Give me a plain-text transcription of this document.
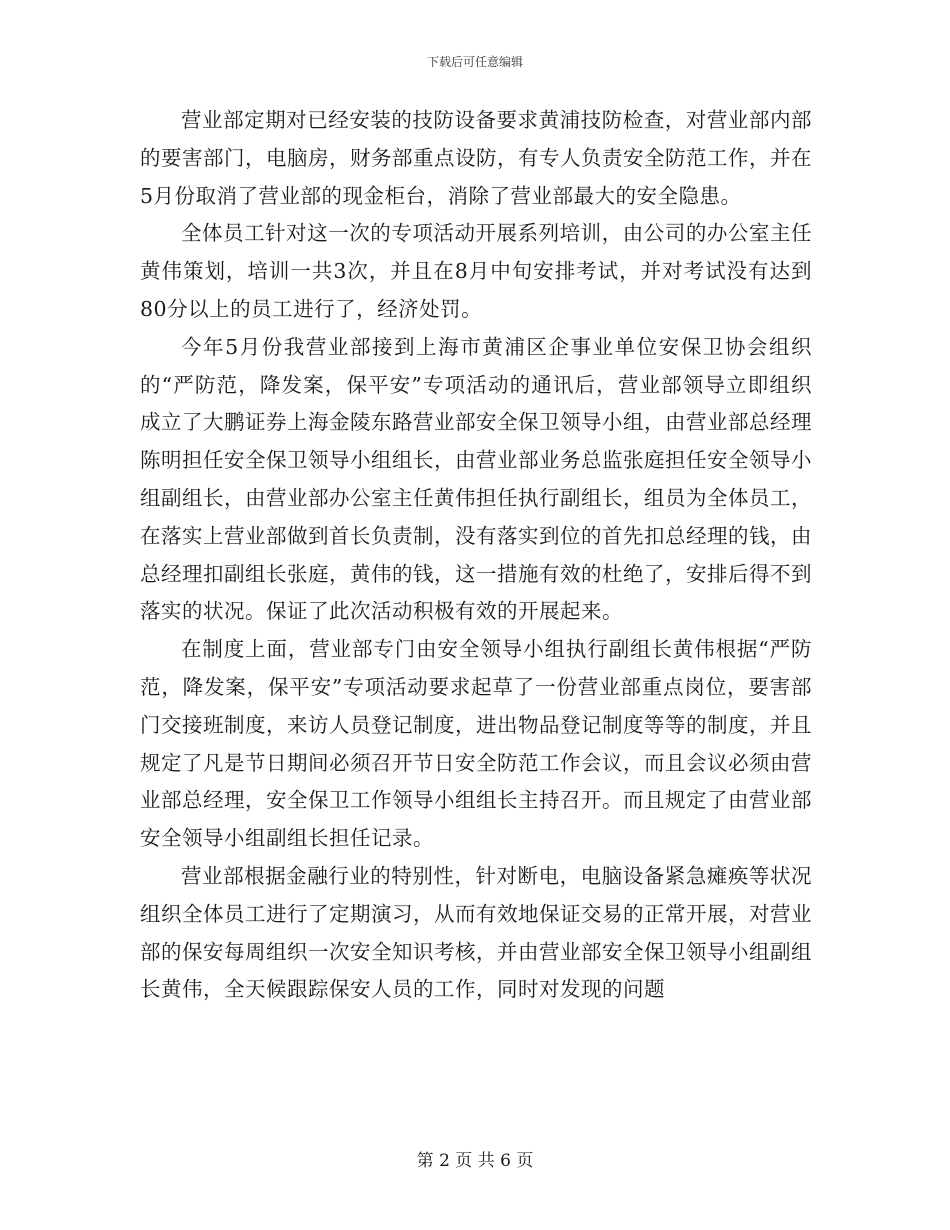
下载后可任意编辑

营业部定期对已经安装的技防设备要求黄浦技防检查，对营业部内部的要害部门，电脑房，财务部重点设防，有专人负责安全防范工作，并在5月份取消了营业部的现金柜台，消除了营业部最大的安全隐患。

全体员工针对这一次的专项活动开展系列培训，由公司的办公室主任黄伟策划，培训一共3次，并且在8月中旬安排考试，并对考试没有达到80分以上的员工进行了，经济处罚。

今年5月份我营业部接到上海市黄浦区企事业单位安保卫协会组织的“严防范，降发案，保平安”专项活动的通讯后，营业部领导立即组织成立了大鹏证券上海金陵东路营业部安全保卫领导小组，由营业部总经理陈明担任安全保卫领导小组组长，由营业部业务总监张庭担任安全领导小组副组长，由营业部办公室主任黄伟担任执行副组长，组员为全体员工，在落实上营业部做到首长负责制，没有落实到位的首先扣总经理的钱，由总经理扣副组长张庭，黄伟的钱，这一措施有效的杜绝了，安排后得不到落实的状况。保证了此次活动积极有效的开展起来。

在制度上面，营业部专门由安全领导小组执行副组长黄伟根据“严防范，降发案，保平安”专项活动要求起草了一份营业部重点岗位，要害部门交接班制度，来访人员登记制度，进出物品登记制度等等的制度，并且规定了凡是节日期间必须召开节日安全防范工作会议，而且会议必须由营业部总经理，安全保卫工作领导小组组长主持召开。而且规定了由营业部安全领导小组副组长担任记录。

营业部根据金融行业的特别性，针对断电，电脑设备紧急瘫痪等状况组织全体员工进行了定期演习，从而有效地保证交易的正常开展，对营业部的保安每周组织一次安全知识考核，并由营业部安全保卫领导小组副组长黄伟，全天候跟踪保安人员的工作，同时对发现的问题

第 2 页 共 6 页
